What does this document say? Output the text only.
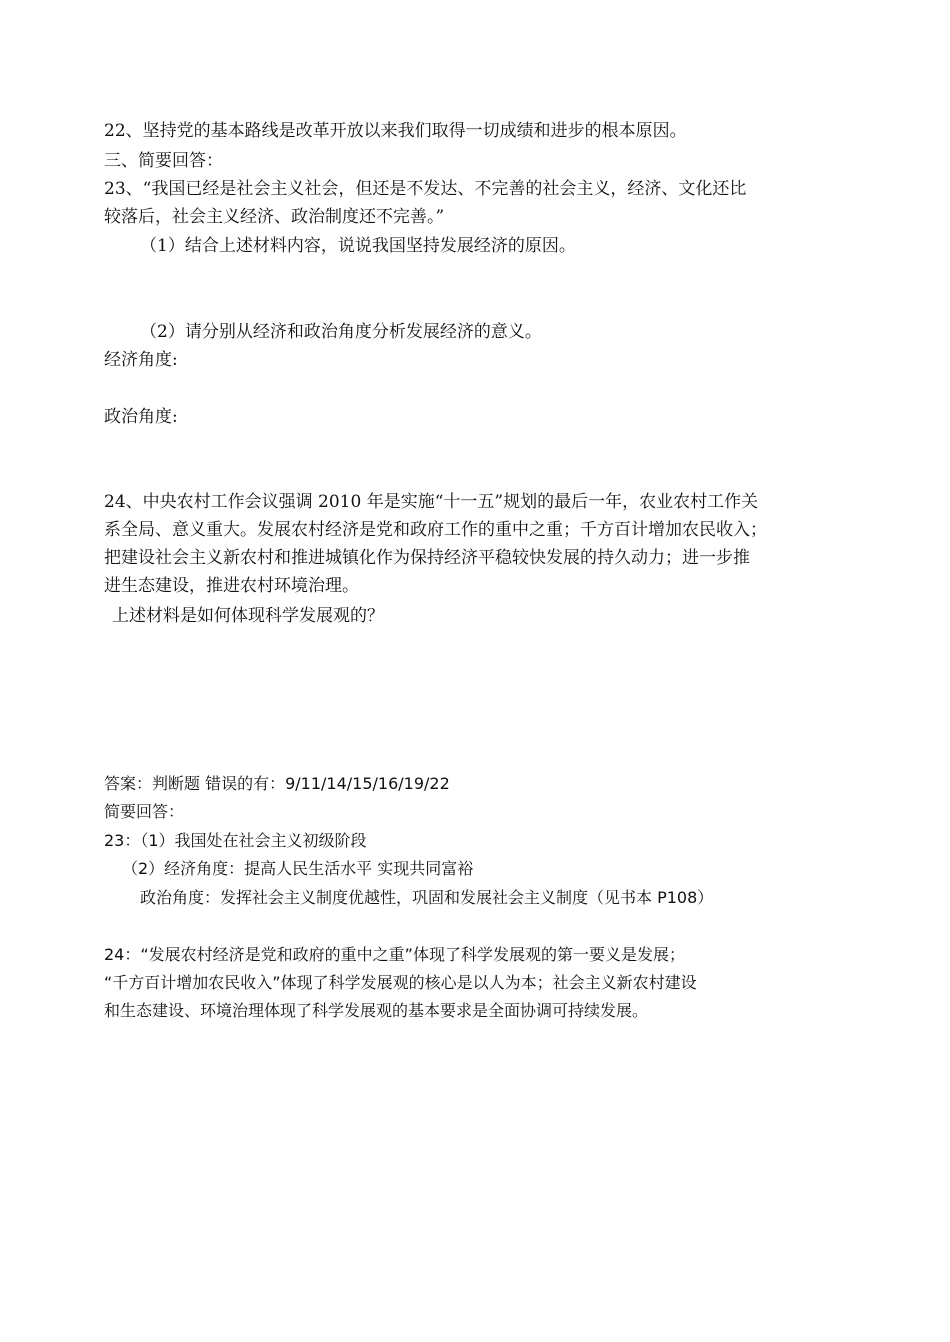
22、坚持党的基本路线是改革开放以来我们取得一切成绩和进步的根本原因。
三、简要回答：
23、“我国已经是社会主义社会，但还是不发达、不完善的社会主义，经济、文化还比
较落后，社会主义经济、政治制度还不完善。”
（1）结合上述材料内容，说说我国坚持发展经济的原因。
（2）请分别从经济和政治角度分析发展经济的意义。
经济角度:
政治角度:
24、中央农村工作会议强调 2010 年是实施“十一五”规划的最后一年，农业农村工作关
系全局、意义重大。发展农村经济是党和政府工作的重中之重；千方百计增加农民收入；
把建设社会主义新农村和推进城镇化作为保持经济平稳较快发展的持久动力；进一步推
进生态建设，推进农村环境治理。
上述材料是如何体现科学发展观的？
答案：判断题 错误的有：9/11/14/15/16/19/22
简要回答：
23：（1）我国处在社会主义初级阶段
（2）经济角度：提高人民生活水平 实现共同富裕
政治角度：发挥社会主义制度优越性，巩固和发展社会主义制度（见书本 P108）
24：“发展农村经济是党和政府的重中之重”体现了科学发展观的第一要义是发展；
“千方百计增加农民收入”体现了科学发展观的核心是以人为本；社会主义新农村建设
和生态建设、环境治理体现了科学发展观的基本要求是全面协调可持续发展。
